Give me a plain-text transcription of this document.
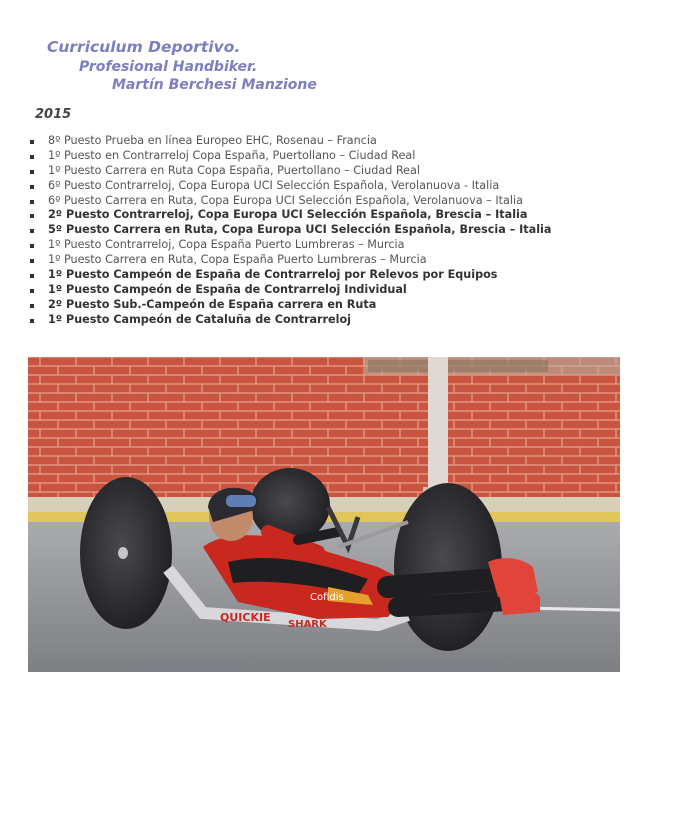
Curriculum Deportivo.
Profesional Handbiker.
Martín Berchesi Manzione
2015
8º Puesto Prueba en línea Europeo EHC, Rosenau – Francia
1º Puesto en Contrarreloj Copa España, Puertollano – Ciudad Real
1º Puesto Carrera en Ruta Copa España, Puertollano – Ciudad Real
6º Puesto Contrarreloj, Copa Europa UCI Selección Española, Verolanuova - Italia
6º Puesto Carrera en Ruta, Copa Europa UCI Selección Española, Verolanuova – Italia
2º Puesto Contrarreloj, Copa Europa UCI Selección Española, Brescia – Italia
5º Puesto Carrera en Ruta, Copa Europa UCI Selección Española, Brescia – Italia
1º Puesto Contrarreloj, Copa España Puerto Lumbreras – Murcia
1º Puesto Carrera en Ruta, Copa España Puerto Lumbreras – Murcia
1º Puesto Campeón de España de Contrarreloj por Relevos por Equipos
1º Puesto Campeón de España de Contrarreloj Individual
2º Puesto Sub.-Campeón de España carrera en Ruta
1º Puesto Campeón de Cataluña de Contrarreloj
QUICKIE
SHARK
Cofidis
